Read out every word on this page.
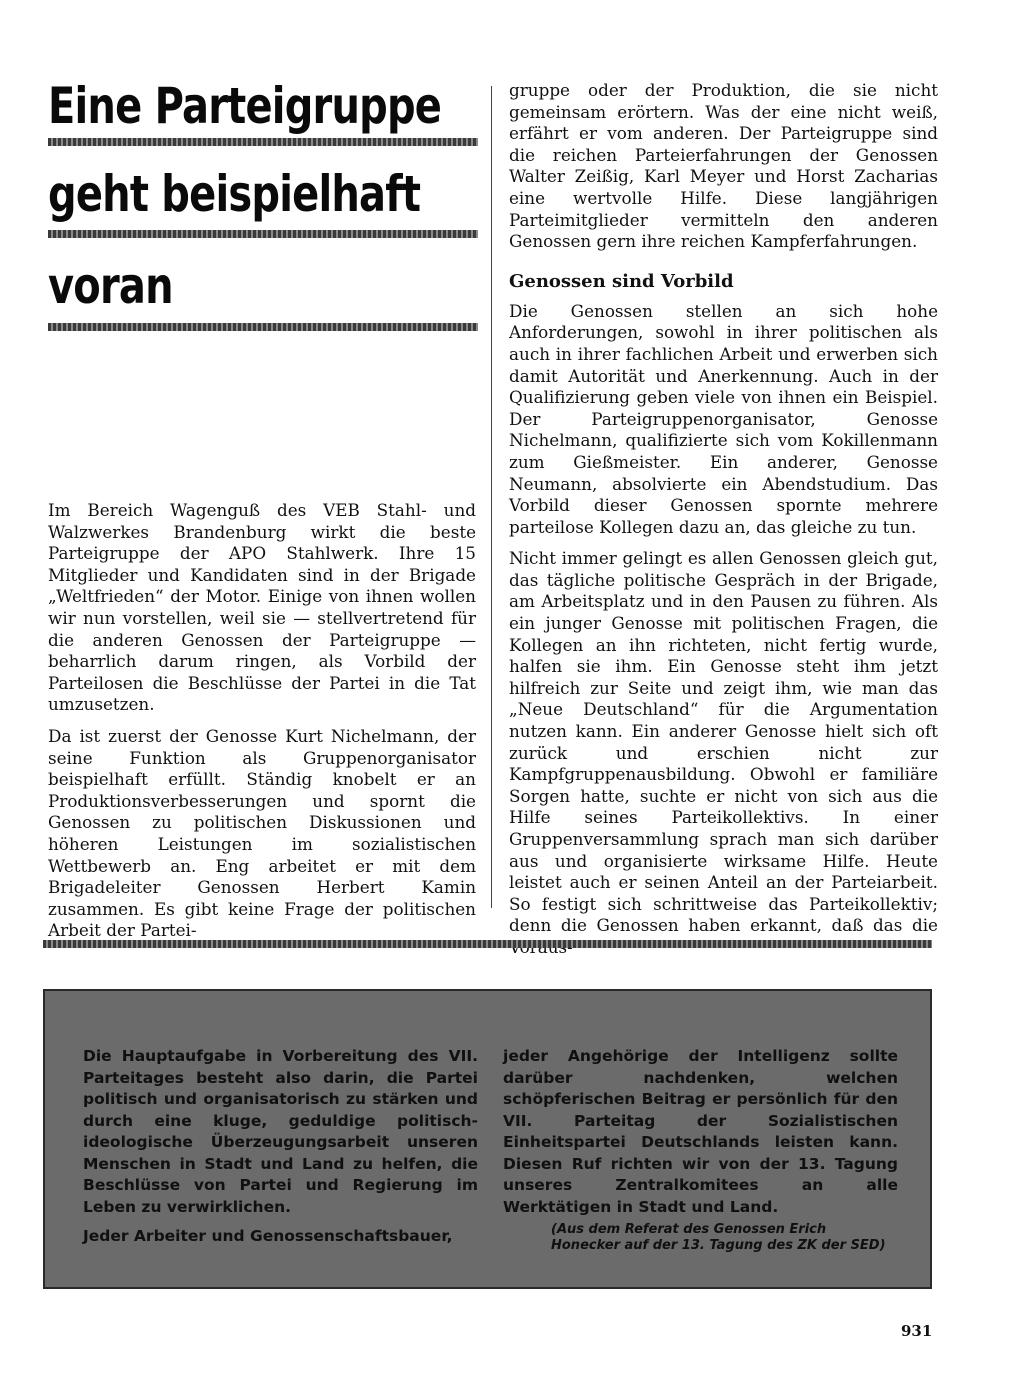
Eine Parteigruppe
geht beispielhaft
voran

Im Bereich Wagenguß des VEB Stahl- und Walzwerkes Brandenburg wirkt die beste Parteigruppe der APO Stahlwerk. Ihre 15 Mitglieder und Kandidaten sind in der Brigade „Weltfrieden“ der Motor. Einige von ihnen wollen wir nun vorstellen, weil sie — stellvertretend für die anderen Genossen der Parteigruppe — beharrlich darum ringen, als Vorbild der Parteilosen die Beschlüsse der Partei in die Tat umzusetzen.

Da ist zuerst der Genosse Kurt Nichelmann, der seine Funktion als Gruppenorganisator beispielhaft erfüllt. Ständig knobelt er an Produktionsverbesserungen und spornt die Genossen zu politischen Diskussionen und höheren Leistungen im sozialistischen Wettbewerb an. Eng arbeitet er mit dem Brigadeleiter Genossen Herbert Kamin zusammen. Es gibt keine Frage der politischen Arbeit der Partei-

gruppe oder der Produktion, die sie nicht gemeinsam erörtern. Was der eine nicht weiß, erfährt er vom anderen. Der Parteigruppe sind die reichen Parteierfahrungen der Genossen Walter Zeißig, Karl Meyer und Horst Zacharias eine wertvolle Hilfe. Diese langjährigen Parteimitglieder vermitteln den anderen Genossen gern ihre reichen Kampferfahrungen.

Genossen sind Vorbild

Die Genossen stellen an sich hohe Anforderungen, sowohl in ihrer politischen als auch in ihrer fachlichen Arbeit und erwerben sich damit Autorität und Anerkennung. Auch in der Qualifizierung geben viele von ihnen ein Beispiel. Der Parteigruppenorganisator, Genosse Nichelmann, qualifizierte sich vom Kokillenmann zum Gießmeister. Ein anderer, Genosse Neumann, absolvierte ein Abendstudium. Das Vorbild dieser Genossen spornte mehrere parteilose Kollegen dazu an, das gleiche zu tun.

Nicht immer gelingt es allen Genossen gleich gut, das tägliche politische Gespräch in der Brigade, am Arbeitsplatz und in den Pausen zu führen. Als ein junger Genosse mit politischen Fragen, die Kollegen an ihn richteten, nicht fertig wurde, halfen sie ihm. Ein Genosse steht ihm jetzt hilfreich zur Seite und zeigt ihm, wie man das „Neue Deutschland“ für die Argumentation nutzen kann. Ein anderer Genosse hielt sich oft zurück und erschien nicht zur Kampfgruppenausbildung. Obwohl er familiäre Sorgen hatte, suchte er nicht von sich aus die Hilfe seines Parteikollektivs. In einer Gruppenversammlung sprach man sich darüber aus und organisierte wirksame Hilfe. Heute leistet auch er seinen Anteil an der Parteiarbeit. So festigt sich schrittweise das Parteikollektiv; denn die Genossen haben erkannt, daß das die

Die Hauptaufgabe in Vorbereitung des VII. Parteitages besteht also darin, die Partei politisch und organisatorisch zu stärken und durch eine kluge, geduldige politisch-ideologische Überzeugungsarbeit unseren Menschen in Stadt und Land zu helfen, die Beschlüsse von Partei und Regierung im Leben zu verwirklichen.

Jeder Arbeiter und Genossenschaftsbauer,

jeder Angehörige der Intelligenz sollte darüber nachdenken, welchen schöpferischen Beitrag er persönlich für den VII. Parteitag der Sozialistischen Einheitspartei Deutschlands leisten kann. Diesen Ruf richten wir von der 13. Tagung unseres Zentralkomitees an alle Werktätigen in Stadt und Land.

(Aus dem Referat des Genossen Erich Honecker auf der 13. Tagung des ZK der SED)

931
